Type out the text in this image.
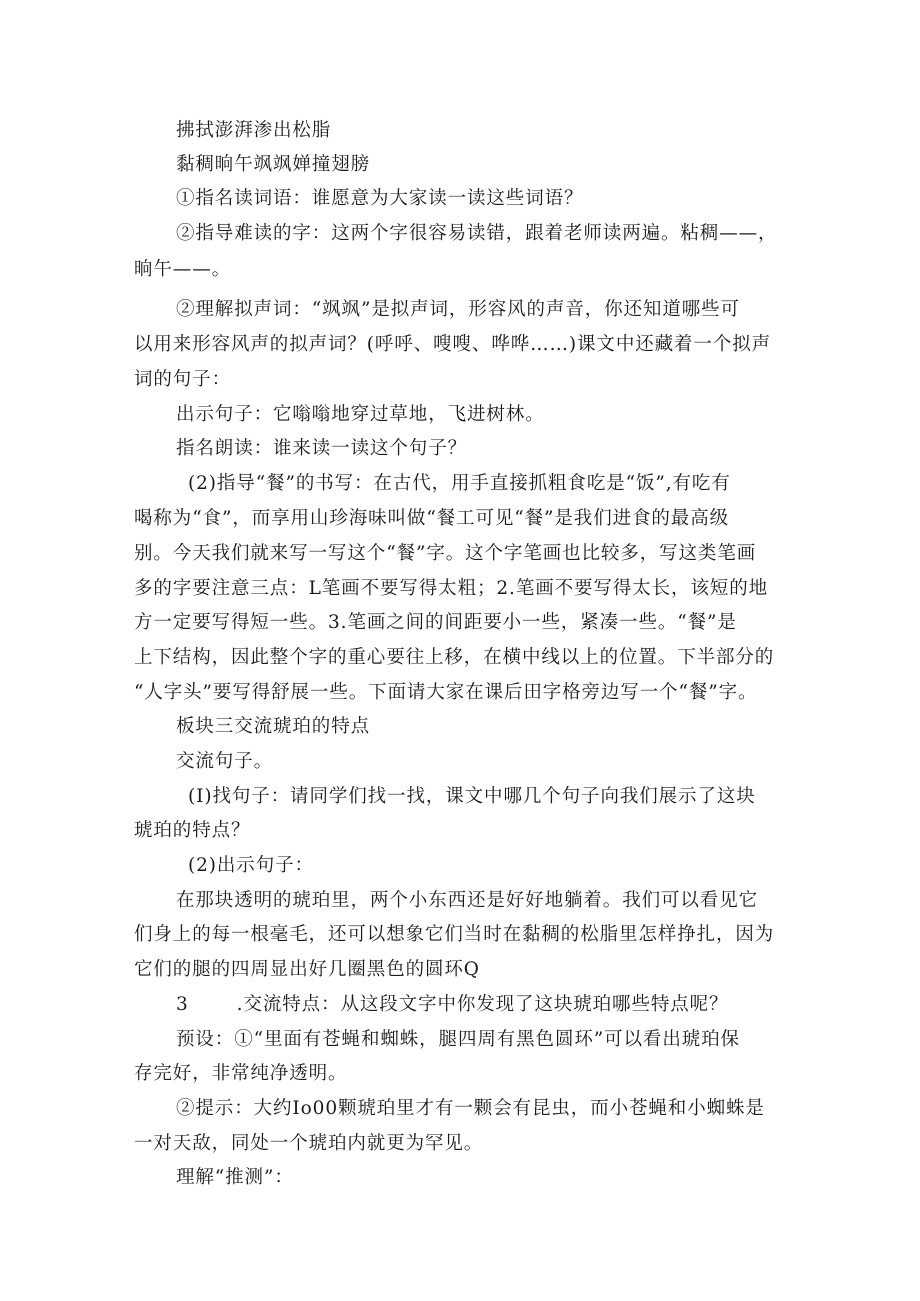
拂拭澎湃渗出松脂
黏稠晌午飒飒婵撞翅膀
①指名读词语：谁愿意为大家读一读这些词语？
②指导难读的字：这两个字很容易读错，跟着老师读两遍。粘稠——，
晌午——。
②理解拟声词：“飒飒”是拟声词，形容风的声音，你还知道哪些可
以用来形容风声的拟声词？(呼呼、嗖嗖、哗哗……)课文中还藏着一个拟声
词的句子：
出示句子：它嗡嗡地穿过草地，飞进树林。
指名朗读：谁来读一读这个句子？
(2)指导“餐”的书写：在古代，用手直接抓粗食吃是“饭”,有吃有
喝称为“食”，而享用山珍海味叫做“餐工可见“餐”是我们进食的最高级
别。今天我们就来写一写这个“餐”字。这个字笔画也比较多，写这类笔画
多的字要注意三点：L笔画不要写得太粗；2.笔画不要写得太长，该短的地
方一定要写得短一些。3.笔画之间的间距要小一些，紧凑一些。“餐”是
上下结构，因此整个字的重心要往上移，在横中线以上的位置。下半部分的
“人字头”要写得舒展一些。下面请大家在课后田字格旁边写一个“餐”字。
板块三交流琥珀的特点
交流句子。
(I)找句子：请同学们找一找，课文中哪几个句子向我们展示了这块
琥珀的特点？
(2)出示句子：
在那块透明的琥珀里，两个小东西还是好好地躺着。我们可以看见它
们身上的每一根毫毛，还可以想象它们当时在黏稠的松脂里怎样挣扎，因为
它们的腿的四周显出好几圈黑色的圆环Q
3	.交流特点：从这段文字中你发现了这块琥珀哪些特点呢？
预设：①“里面有苍蝇和蜘蛛，腿四周有黑色圆环”可以看出琥珀保
存完好，非常纯净透明。
②提示：大约Io00颗琥珀里才有一颗会有昆虫，而小苍蝇和小蜘蛛是
一对天敌，同处一个琥珀内就更为罕见。
理解“推测”：
